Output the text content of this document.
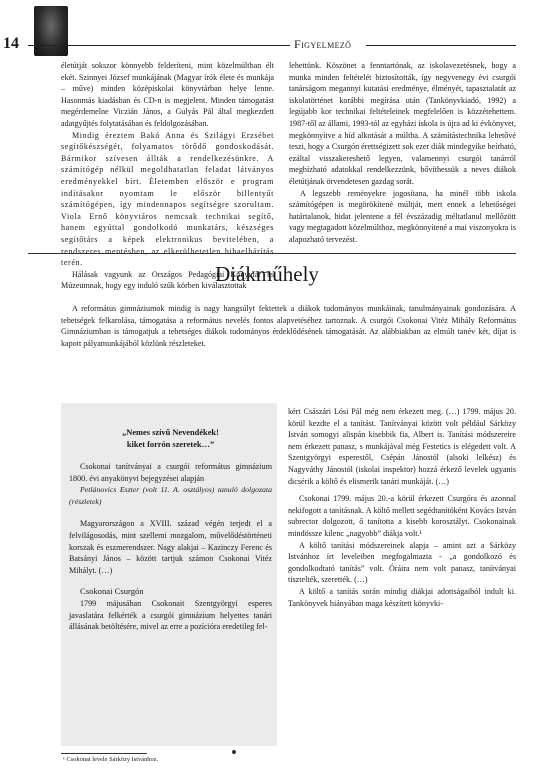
14	Figyelmező

életútját sokszor könnyebb felderíteni, mint közelmúltban élt ekét. Szinnyei József munkájának (Magyar írók élete és munkája – műve) minden középiskolai könyvtárban helye lenne. Hasonmás kiadásban és CD-n is megjelent. Minden támogatást megérdemelne Viczián János, a Gulyás Pál által megkezdett adatgyűjtés folytatásában és feldolgozásában.

Mindig éreztem Bakó Anna és Szilágyi Erzsébet segítőkészségét, folyamatos törődő gondoskodását. Bármikor szívesen állták a rendelkezésünkre. A számítógép nélkül megoldhatatlan feladat látványos eredményekkel bírt. Életemben először e program indításakor nyomtam le először billentyűt számítógépen, így mindennapos segítségre szorultam. Viola Ernő könyvtáros nemcsak technikai segítő, hanem egyúttal gondolkodó munkatárs, készséges segítőtárs a képek elektronikus bevitelében, a rendszeres mentésben, az elkerülhetetlen hibaelhárítás terén.

Hálásak vagyunk az Országos Pedagógiai Könyvtár és Múzeumnak, hogy egy induló szűk körben kiválasztottak

lehettünk. Köszönet a fenntartónak, az iskolavezetésnek, hogy a munka minden feltételét biztosították, így negyvenegy évi csurgói tanárságom megannyi kutatási eredménye, élményét, tapasztalatát az iskolatörténet korábbi megírása után (Tankönyvkiadó, 1992) a legújabb kor technikai feltételeinek megfelelően is közzétehettem. 1987-től az állami, 1993-tól az egyházi iskola is újra ad ki évkönyvet, megkönnyítve a híd alkotását a múltba. A számítástechnika lehetővé teszi, hogy a Csurgón érettségizett sok ezer diák mindegyike beírható, ezáltal visszakereshető legyen, valamennyi csurgói tanárról megbízható adatokkal rendelkezzünk, bővíthessük a neves diákok életútjának örvendetesen gazdag sorát.

A legszebb reményekre jogosítana, ha minél több iskola számítógépen is megörökítené múltját, mert ennek a lehetőségei határtalanok, hidat jelentene a fél évszázadig méltatlanul mellőzött vagy megtagadott közelmúlthoz, megkönnyítené a mai viszonyokra is alapozható tervezést.

Diákműhely

A református gimnáziumok mindig is nagy hangsúlyt fektettek a diákok tudományos munkáinak, tanulmányainak gondozására. A tehetségek felkarolása, támogatása a református nevelés fontos alapvetéséhez tartoznak. A csurgói Csokonai Vitéz Mihály Református Gimnáziumban is támogatjuk a tehetséges diákok tudományos érdeklődésének támogatását. Az alábbiakban az elmúlt tanév két, díjat is kapott pályamunkájából közlünk részleteket.

„Nemes szívű Nevendékek!
kiket forrón szeretek…”

Csokonai tanítványai a csurgói református gimnázium 1800. évi anyakönyvi bejegyzései alapján

Petlánovics Eszter (volt 11. A. osztályos) tanuló dolgozata (részletek)

Magyarországon a XVIII. század végén terjedt el a felvilágosodás, mint szellemi mozgalom, művelődéstörténeti korszak és eszmerendszer. Nagy alakjai – Kazinczy Ferenc és Batsányi János – között tartjuk számon Csokonai Vitéz Mihályt. (…)

Csokonai Csurgón

1799 májusában Csokonait Szentgyörgyi esperes javaslatára felkérték a csurgói gimnázium helyettes tanári állásának betöltésére, mivel az erre a pozícióra eredetileg fel-

kért Császári Lósi Pál még nem érkezett meg. (…) 1799. május 20. körül kezdte el a tanítást. Tanítványai között volt például Sárközy István somogyi alispán kisebbik fia, Albert is. Tanítási módszereire nem érkezett panasz, s munkájával még Festetics is elégedett volt. A Szentgyörgyi esperestől, Csépán Jánostól (alsoki lelkész) és Nagyváthy Jánostól (iskolai inspektor) hozzá érkező levelek ugyanis dicsérik a költő és elismerik tanári munkáját. (…)

Csokonai 1799. május 20.-a körül érkezett Csurgóra és azonnal nekifogott a tanításnak. A költő mellett segédtanítóként Kovács István subrector dolgozott, ő tanította a kisebb korosztályt. Csokonainak mindössze kilenc „nagyobb” diákja volt.¹

A költő tanítási módszereinek alapja – amint azt a Sárközy Istvánhoz írt leveleiben megfogalmazta - „a gondolkozó és gondolkodtató tanítás” volt. Óráira nem volt panasz, tanítványai tisztelték, szerették. (…)

A költő a tanítás során mindig diákjai adottságaiból indult ki. Tankönyvek hiányában maga készített könyvki-

¹ Csokonai levele Sárközy Istvánhoz.
